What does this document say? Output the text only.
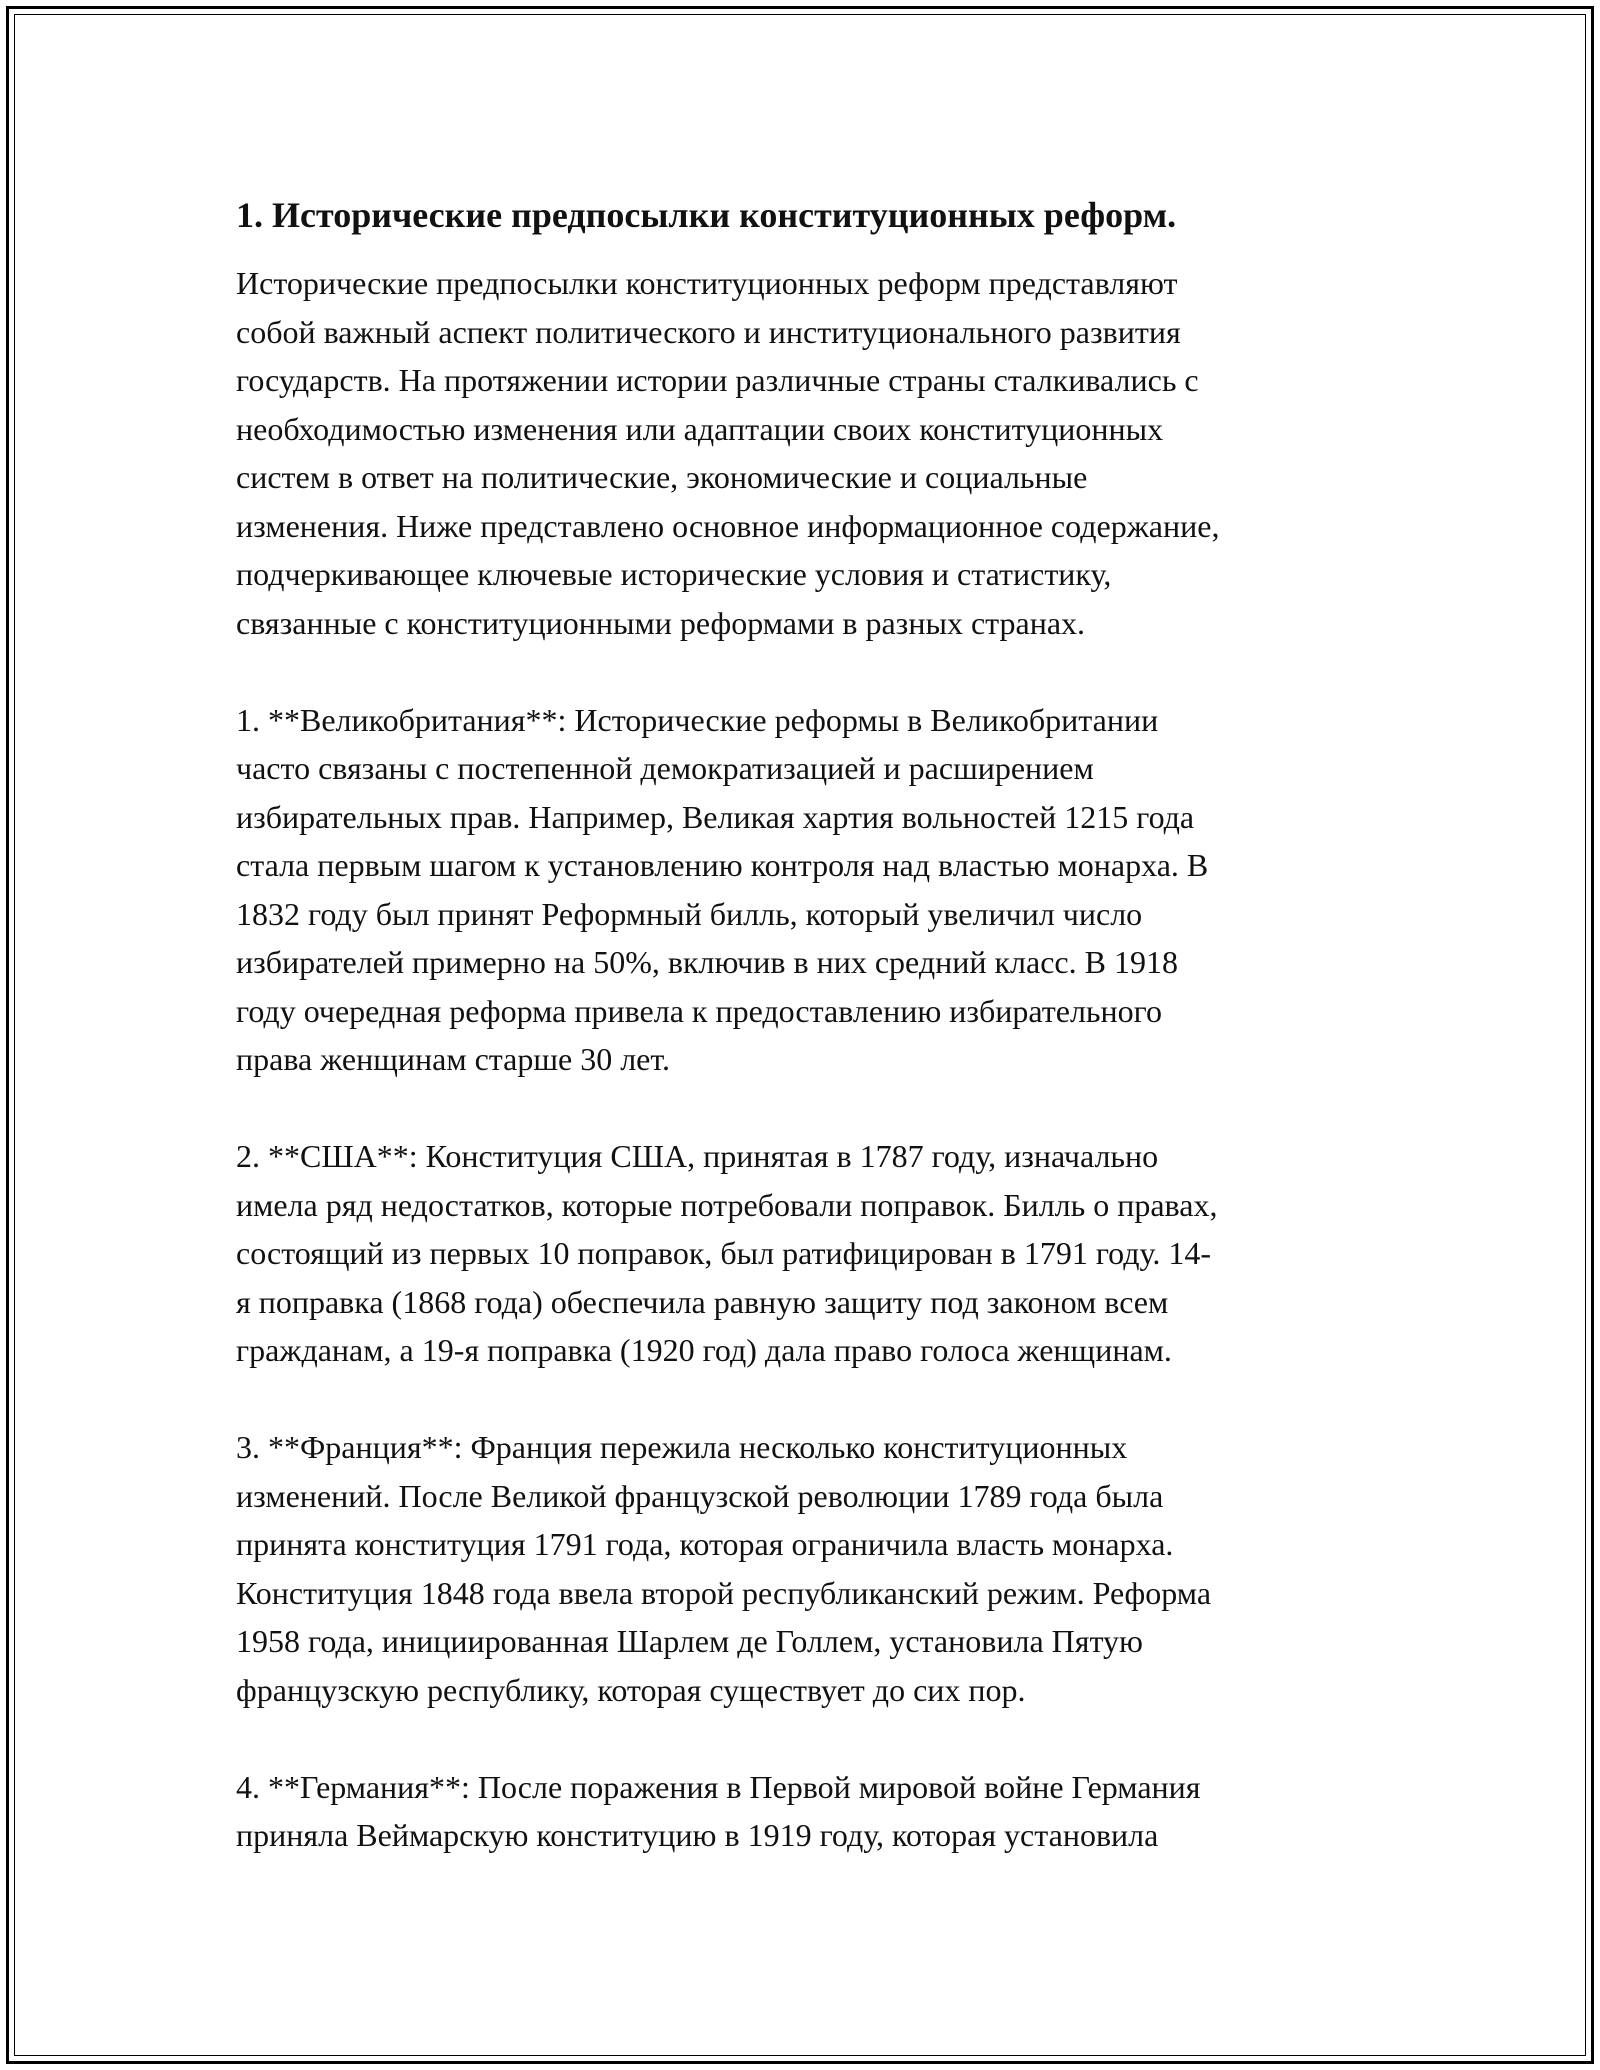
1. Исторические предпосылки конституционных реформ.

Исторические предпосылки конституционных реформ представляют
собой важный аспект политического и институционального развития
государств. На протяжении истории различные страны сталкивались с
необходимостью изменения или адаптации своих конституционных
систем в ответ на политические, экономические и социальные
изменения. Ниже представлено основное информационное содержание,
подчеркивающее ключевые исторические условия и статистику,
связанные с конституционными реформами в разных странах.

1. **Великобритания**: Исторические реформы в Великобритании
часто связаны с постепенной демократизацией и расширением
избирательных прав. Например, Великая хартия вольностей 1215 года
стала первым шагом к установлению контроля над властью монарха. В
1832 году был принят Реформный билль, который увеличил число
избирателей примерно на 50%, включив в них средний класс. В 1918
году очередная реформа привела к предоставлению избирательного
права женщинам старше 30 лет.

2. **США**: Конституция США, принятая в 1787 году, изначально
имела ряд недостатков, которые потребовали поправок. Билль о правах,
состоящий из первых 10 поправок, был ратифицирован в 1791 году. 14-
я поправка (1868 года) обеспечила равную защиту под законом всем
гражданам, а 19-я поправка (1920 год) дала право голоса женщинам.

3. **Франция**: Франция пережила несколько конституционных
изменений. После Великой французской революции 1789 года была
принята конституция 1791 года, которая ограничила власть монарха.
Конституция 1848 года ввела второй республиканский режим. Реформа
1958 года, инициированная Шарлем де Голлем, установила Пятую
французскую республику, которая существует до сих пор.

4. **Германия**: После поражения в Первой мировой войне Германия
приняла Веймарскую конституцию в 1919 году, которая установила
